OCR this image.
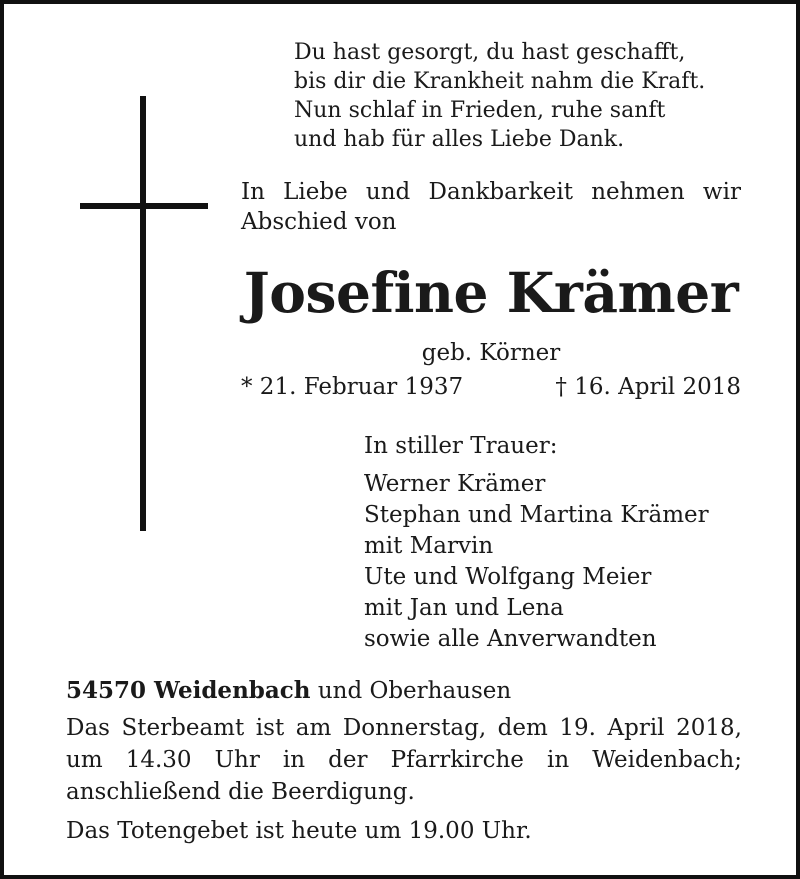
Du hast gesorgt, du hast geschafft,
bis dir die Krankheit nahm die Kraft.
Nun schlaf in Frieden, ruhe sanft
und hab für alles Liebe Dank.
In Liebe und Dankbarkeit nehmen wir
Abschied von
Josefine Krämer
geb. Körner
* 21. Februar 1937	† 16. April 2018
In stiller Trauer:
Werner Krämer
Stephan und Martina Krämer
mit Marvin
Ute und Wolfgang Meier
mit Jan und Lena
sowie alle Anverwandten
54570 Weidenbach und Oberhausen
Das Sterbeamt ist am Donnerstag, dem 19. April 2018,
um 14.30 Uhr in der Pfarrkirche in Weidenbach;
anschließend die Beerdigung.
Das Totengebet ist heute um 19.00 Uhr.
